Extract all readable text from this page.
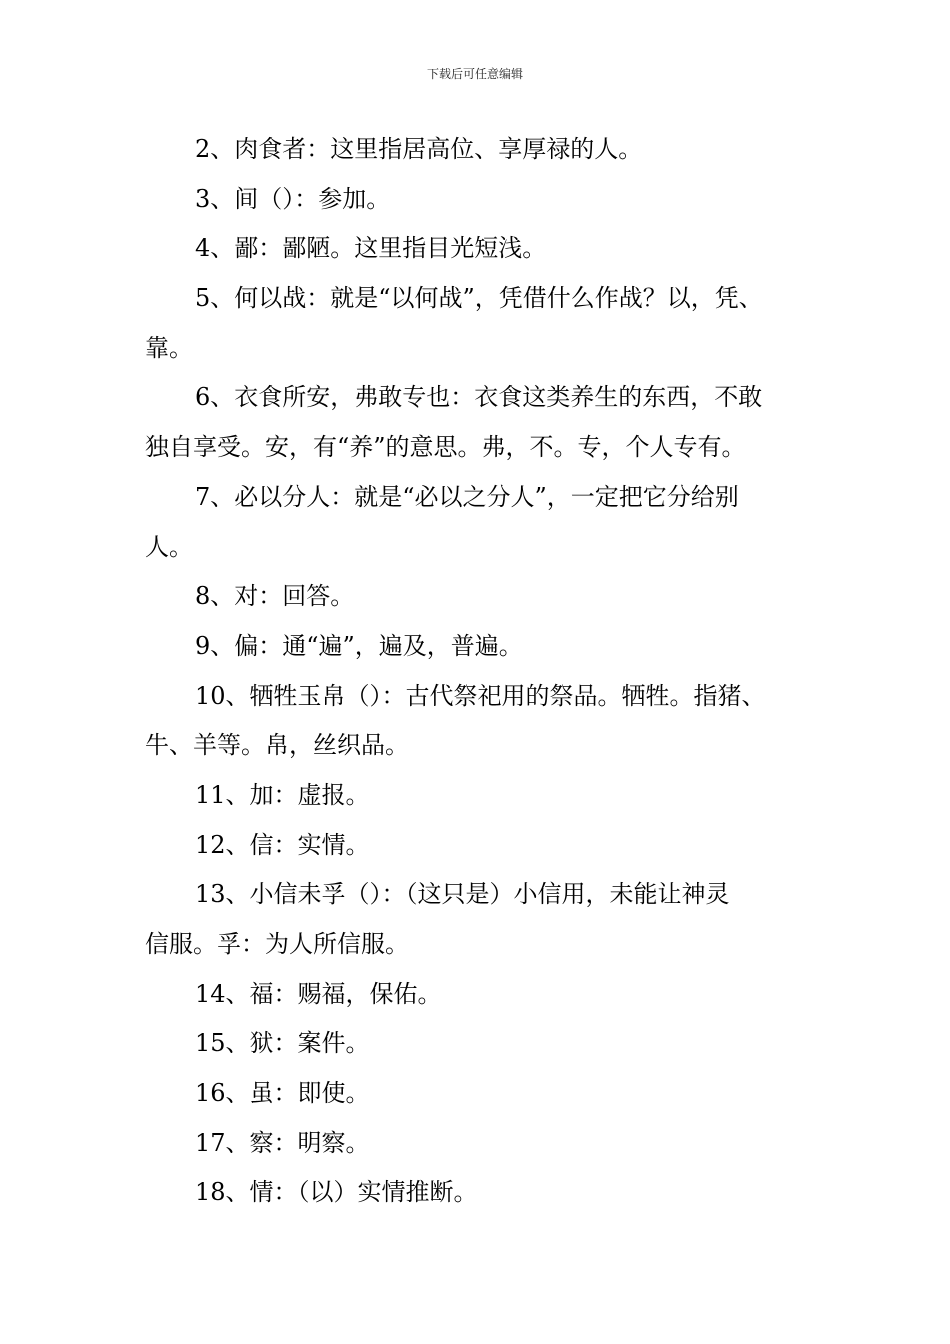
下载后可任意编辑
2、肉食者：这里指居高位、享厚禄的人。
3、间（）：参加。
4、鄙：鄙陋。这里指目光短浅。
5、何以战：就是“以何战”，凭借什么作战？以，凭、
靠。
6、衣食所安，弗敢专也：衣食这类养生的东西，不敢
独自享受。安，有“养”的意思。弗，不。专，个人专有。
7、必以分人：就是“必以之分人”，一定把它分给别
人。
8、对：回答。
9、偏：通“遍”，遍及，普遍。
10、牺牲玉帛（）：古代祭祀用的祭品。牺牲。指猪、
牛、羊等。帛，丝织品。
11、加：虚报。
12、信：实情。
13、小信未孚（）：（这只是）小信用，未能让神灵
信服。孚：为人所信服。
14、福：赐福，保佑。
15、狱：案件。
16、虽：即使。
17、察：明察。
18、情：（以）实情推断。
